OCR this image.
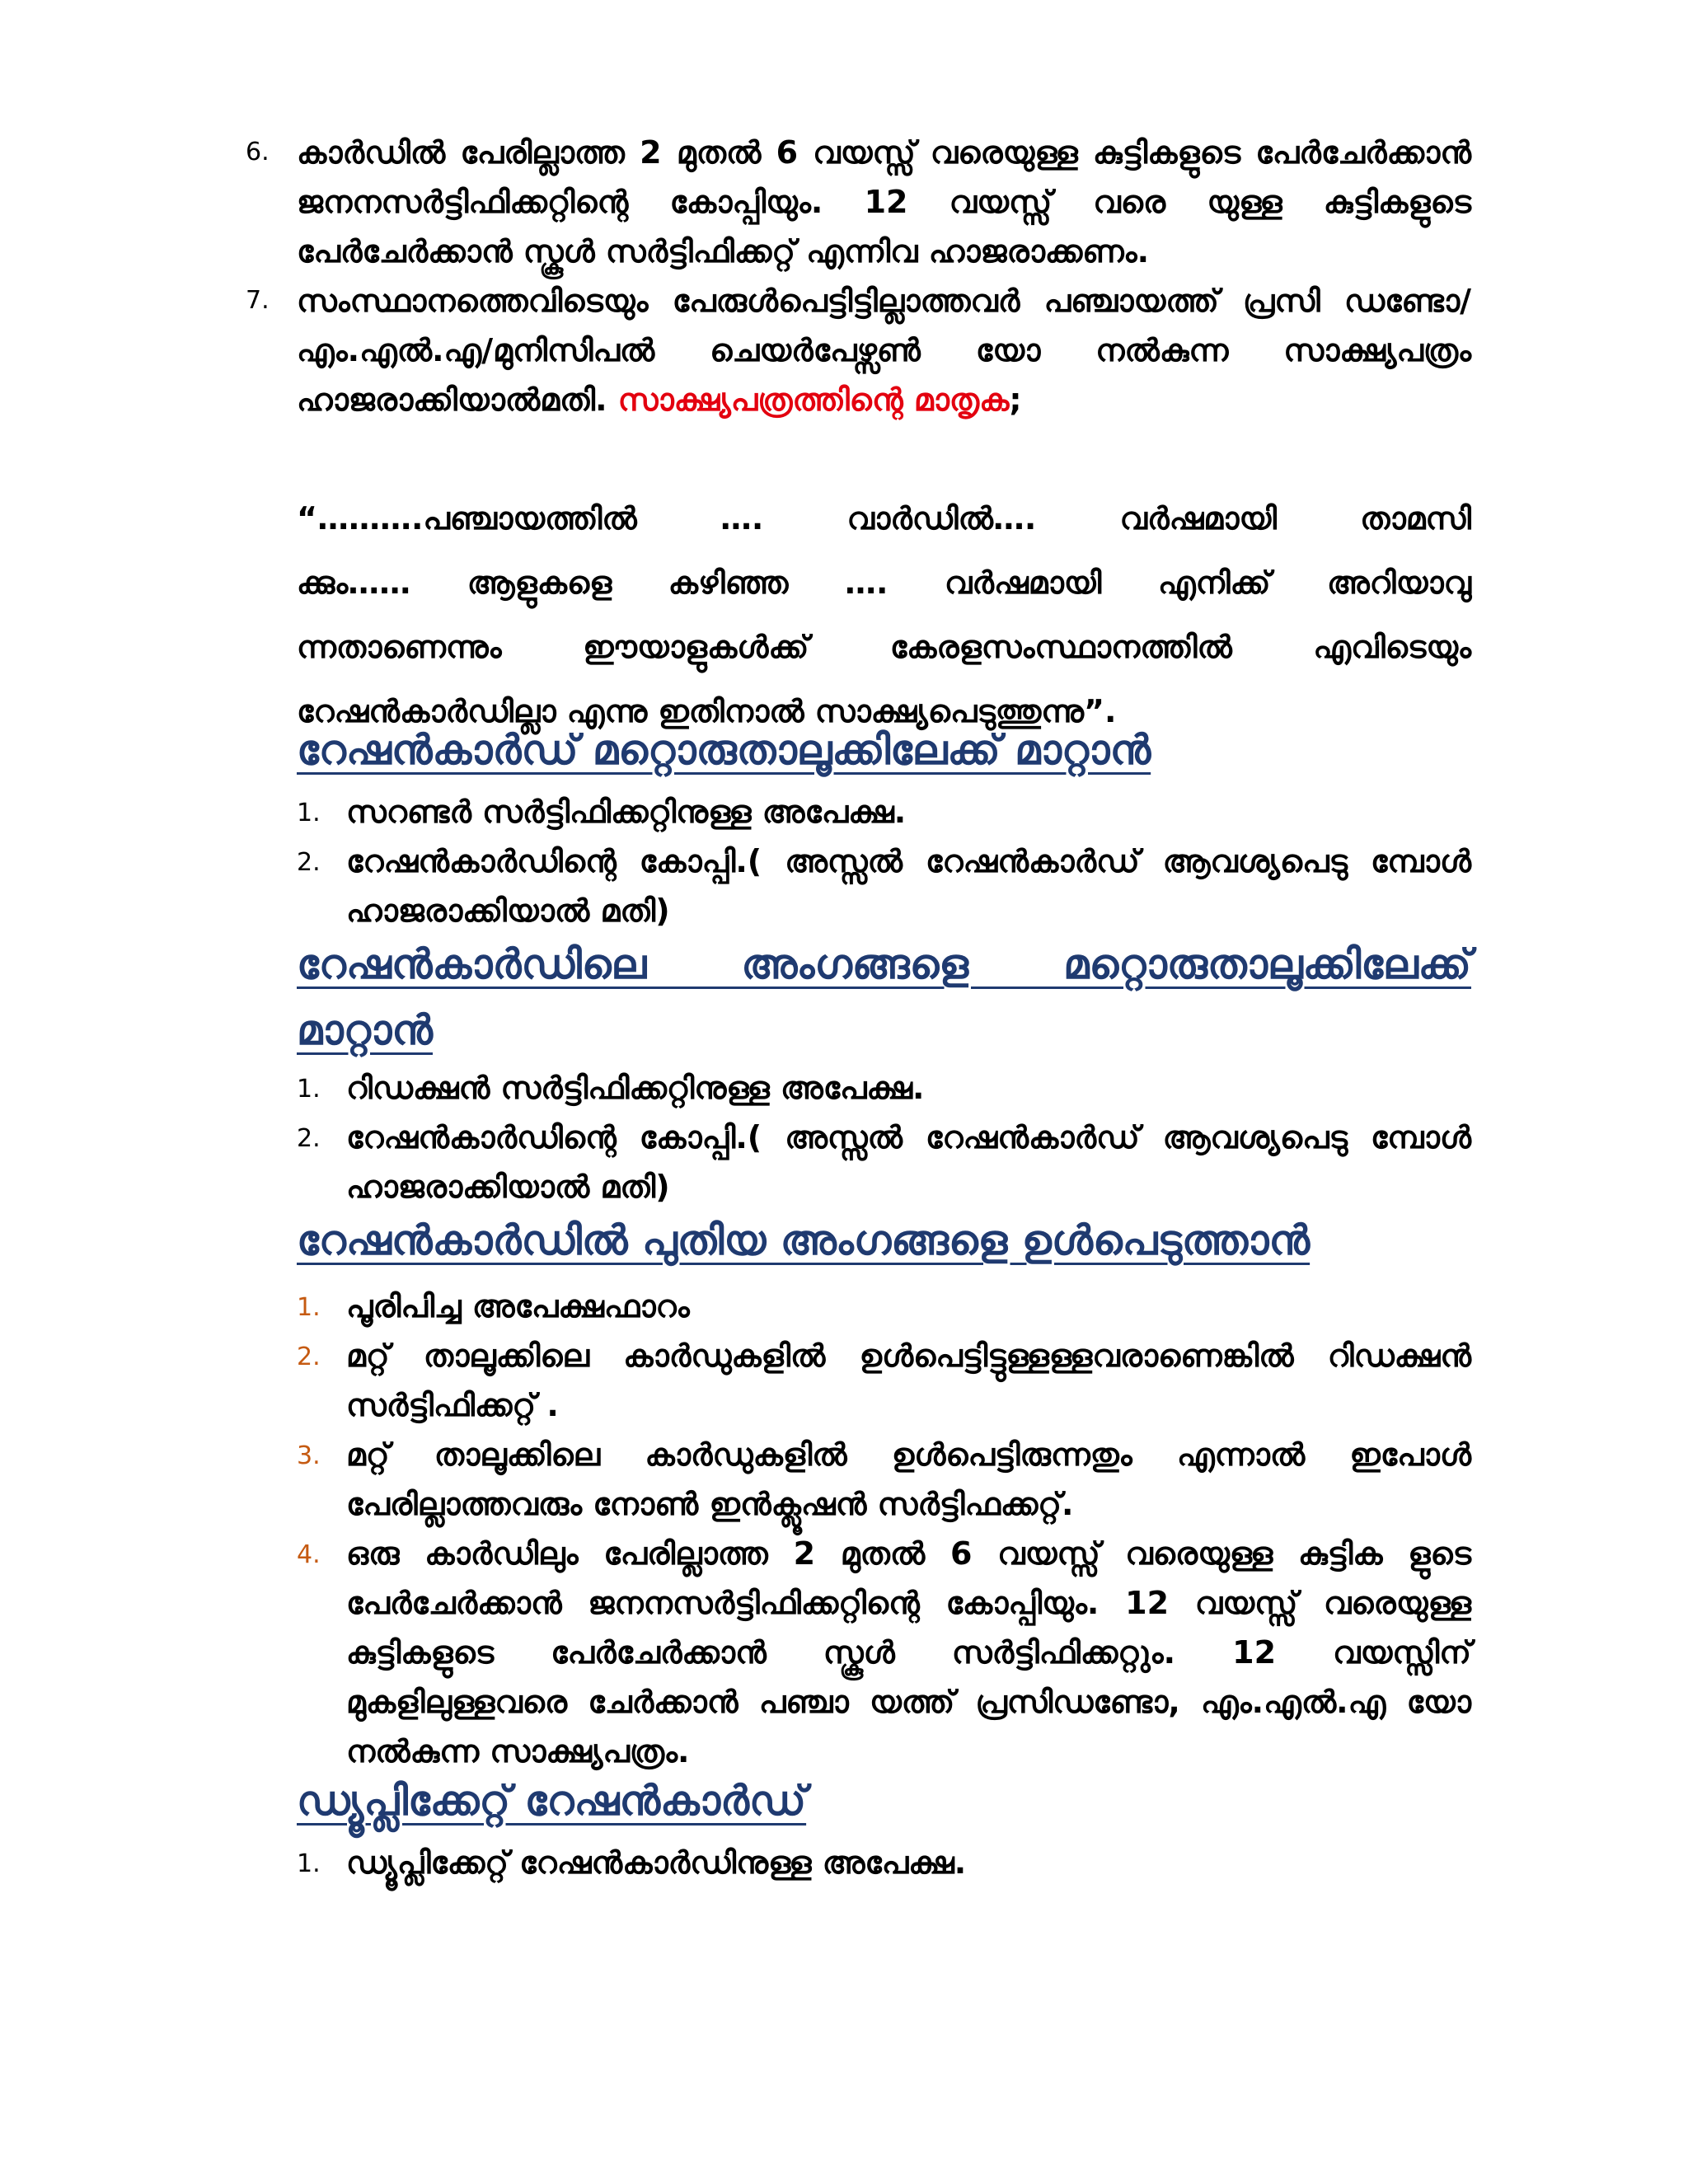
6. കാർഡിൽ പേരില്ലാത്ത 2 മുതൽ 6 വയസ്സ് വരെയുള്ള കുട്ടികളുടെ പേർചേർക്കാൻ ജനനസർട്ടിഫിക്കറ്റിന്റെ കോപ്പിയും. 12 വയസ്സ് വരെ യുള്ള കുട്ടികളുടെ പേർചേർക്കാൻ സ്കൂൾ സർട്ടിഫിക്കറ്റ് എന്നിവ ഹാജരാക്കണം.
7. സംസ്ഥാനത്തെവിടെയും പേരുൾപെട്ടിട്ടില്ലാത്തവർ പഞ്ചായത്ത് പ്രസി ഡണ്ടോ/എം.എൽ.എ/മുനിസിപൽ ചെയർപേഴ്സൺ യോ നൽകുന്ന സാക്ഷ്യപത്രം ഹാജരാക്കിയാൽമതി. സാക്ഷ്യപത്രത്തിന്റെ മാതൃക;
“……….പഞ്ചായത്തിൽ …. വാർഡിൽ…. വർഷമായി താമസി
ക്കും…… ആളുകളെ കഴിഞ്ഞ …. വർഷമായി എനിക്ക് അറിയാവു
ന്നതാണെന്നും ഈയാളുകൾക്ക് കേരളസംസ്ഥാനത്തിൽ എവിടെയും
റേഷൻകാർഡില്ലാ എന്നു ഇതിനാൽ സാക്ഷ്യപെടുത്തുന്നു”.
റേഷൻകാർഡ് മറ്റൊരുതാലൂക്കിലേക്ക് മാറ്റാൻ
1. സറണ്ടർ സർട്ടിഫിക്കറ്റിനുള്ള അപേക്ഷ.
2. റേഷൻകാർഡിന്റെ കോപ്പി.( അസ്സൽ റേഷൻകാർഡ് ആവശ്യപെടു മ്പോൾ ഹാജരാക്കിയാൽ മതി)
റേഷൻകാർഡിലെ അംഗങ്ങളെ മറ്റൊരുതാലൂക്കിലേക്ക്
മാറ്റാൻ
1. റിഡക്ഷൻ സർട്ടിഫിക്കറ്റിനുള്ള അപേക്ഷ.
2. റേഷൻകാർഡിന്റെ കോപ്പി.( അസ്സൽ റേഷൻകാർഡ് ആവശ്യപെടു മ്പോൾ ഹാജരാക്കിയാൽ മതി)
റേഷൻകാർഡിൽ പുതിയ അംഗങ്ങളെ ഉൾപെടുത്താൻ
1. പൂരിപിച്ച അപേക്ഷഫാറം
2. മറ്റ് താലൂക്കിലെ കാർഡുകളിൽ ഉൾപെട്ടിട്ടുള്ളള്ളവരാണെങ്കിൽ റിഡക്ഷൻ സർട്ടിഫിക്കറ്റ് .
3. മറ്റ് താലൂക്കിലെ കാർഡുകളിൽ ഉൾപെട്ടിരുന്നതും എന്നാൽ ഇപോൾ പേരില്ലാത്തവരും നോൺ ഇൻക്ലൂഷൻ സർട്ടിഫക്കറ്റ്.
4. ഒരു കാർഡിലും പേരില്ലാത്ത 2 മുതൽ 6 വയസ്സ് വരെയുള്ള കുട്ടിക ളുടെ പേർചേർക്കാൻ ജനനസർട്ടിഫിക്കറ്റിന്റെ കോപ്പിയും. 12 വയസ്സ് വരെയുള്ള കുട്ടികളുടെ പേർചേർക്കാൻ സ്കൂൾ സർട്ടിഫിക്കറ്റും. 12 വയസ്സിന് മുകളിലുള്ളവരെ ചേർക്കാൻ പഞ്ചാ യത്ത് പ്രസിഡണ്ടോ, എം.എൽ.എ യോ നൽകുന്ന സാക്ഷ്യപത്രം.
ഡ്യൂപ്ലിക്കേറ്റ് റേഷൻകാർഡ്
1. ഡ്യൂപ്ലിക്കേറ്റ് റേഷൻകാർഡിനുള്ള അപേക്ഷ.
